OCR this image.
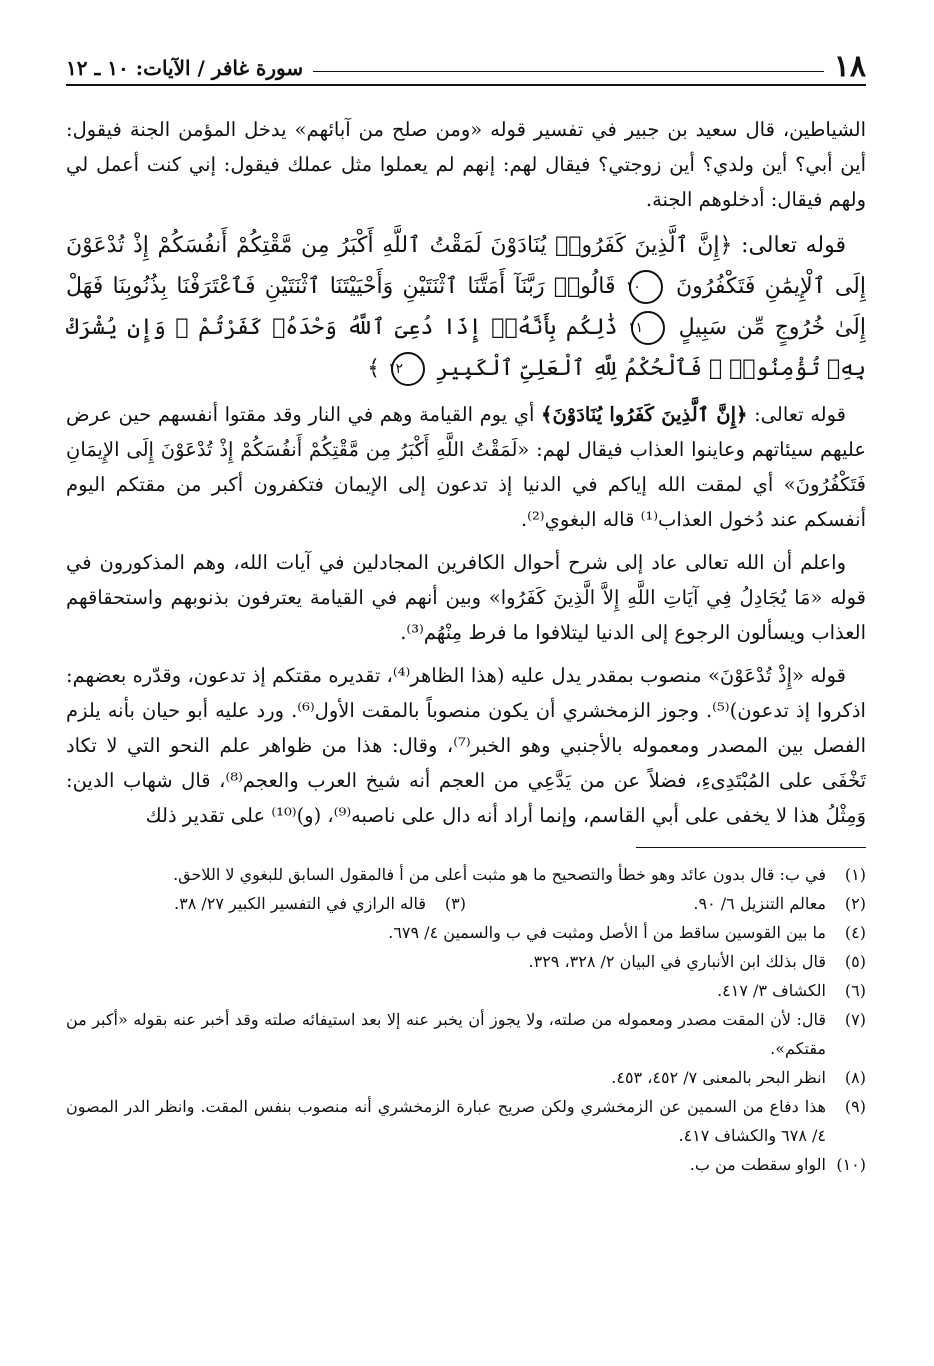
١٨
سورة غافر / الآيات: ١٠ ـ ١٢

الشياطين، قال سعيد بن جبير في تفسير قوله «ومن صلح من آبائهم» يدخل المؤمن الجنة فيقول: أين أبي؟ أين ولدي؟ أين زوجتي؟ فيقال لهم: إنهم لم يعملوا مثل عملك فيقول: إني كنت أعمل لي ولهم فيقال: أدخلوهم الجنة.

قوله تعالى: ﴿إِنَّ ٱلَّذِينَ كَفَرُوا۟ يُنَادَوْنَ لَمَقْتُ ٱللَّهِ أَكْبَرُ مِن مَّقْتِكُمْ أَنفُسَكُمْ إِذْ تُدْعَوْنَ إِلَى ٱلْإِيمَٰنِ فَتَكْفُرُونَ ١٠ قَالُوا۟ رَبَّنَآ أَمَتَّنَا ٱثْنَتَيْنِ وَأَحْيَيْتَنَا ٱثْنَتَيْنِ فَٱعْتَرَفْنَا بِذُنُوبِنَا فَهَلْ إِلَىٰ خُرُوجٍ مِّن سَبِيلٍ ١١ ذَٰلِكُم بِأَنَّهُۥٓ إِذَا دُعِىَ ٱللَّهُ وَحْدَهُۥ كَفَرْتُمْ ۖ وَإِن يُشْرَكْ بِهِۦ تُؤْمِنُوا۟ ۚ فَٱلْحُكْمُ لِلَّهِ ٱلْعَلِىِّ ٱلْكَبِيرِ ١٢ ﴾

قوله تعالى: ﴿إِنَّ ٱلَّذِينَ كَفَرُوا يُنَادَوْنَ﴾ أي يوم القيامة وهم في النار وقد مقتوا أنفسهم حين عرض عليهم سيئاتهم وعاينوا العذاب فيقال لهم: «لَمَقْتُ اللَّهِ أَكْبَرُ مِن مَّقْتِكُمْ أَنفُسَكُمْ إِذْ تُدْعَوْنَ إِلَى الإِيمَانِ فَتَكْفُرُونَ» أي لمقت الله إياكم في الدنيا إذ تدعون إلى الإيمان فتكفرون أكبر من مقتكم اليوم أنفسكم عند دُخول العذاب⁽¹⁾ قاله البغوي⁽²⁾.

واعلم أن الله تعالى عاد إلى شرح أحوال الكافرين المجادلين في آيات الله، وهم المذكورون في قوله «مَا يُجَادِلُ فِي آيَاتِ اللَّهِ إِلاَّ الَّذِينَ كَفَرُوا» وبين أنهم في القيامة يعترفون بذنوبهم واستحقاقهم العذاب ويسألون الرجوع إلى الدنيا ليتلافوا ما فرط مِنْهُم⁽³⁾.

قوله «إِذْ تُدْعَوْنَ» منصوب بمقدر يدل عليه (هذا الظاهر⁽⁴⁾، تقديره مقتكم إذ تدعون، وقدّره بعضهم: اذكروا إذ تدعون)⁽⁵⁾. وجوز الزمخشري أن يكون منصوباً بالمقت الأول⁽⁶⁾. ورد عليه أبو حيان بأنه يلزم الفصل بين المصدر ومعموله بالأجنبي وهو الخبر⁽⁷⁾، وقال: هذا من ظواهر علم النحو التي لا تكاد تَخْفَى على المُبْتَدِىءِ، فضلاً عن من يَدَّعِي من العجم أنه شيخ العرب والعجم⁽⁸⁾، قال شهاب الدين: وَمِثْلُ هذا لا يخفى على أبي القاسم، وإنما أراد أنه دال على ناصبه⁽⁹⁾، (و)⁽¹⁰⁾ على تقدير ذلك

(١)
في ب: قال بدون عائد وهو خطأ والتصحيح ما هو مثبت أعلى من أ فالمقول السابق للبغوي لا اللاحق.
(٢)
معالم التنزيل ٦/ ٩٠.
(٣)
قاله الرازي في التفسير الكبير ٢٧/ ٣٨.
(٤)
ما بين القوسين ساقط من أ الأصل ومثبت في ب والسمين ٤/ ٦٧٩.
(٥)
قال بذلك ابن الأنباري في البيان ٢/ ٣٢٨، ٣٢٩.
(٦)
الكشاف ٣/ ٤١٧.
(٧)
قال: لأن المقت مصدر ومعموله من صلته، ولا يجوز أن يخبر عنه إلا بعد استيفائه صلته وقد أخبر عنه بقوله «أكبر من مقتكم».
(٨)
انظر البحر بالمعنى ٧/ ٤٥٢، ٤٥٣.
(٩)
هذا دفاع من السمين عن الزمخشري ولكن صريح عبارة الزمخشري أنه منصوب بنفس المقت. وانظر الدر المصون ٤/ ٦٧٨ والكشاف ٤١٧.
(١٠)
الواو سقطت من ب.
